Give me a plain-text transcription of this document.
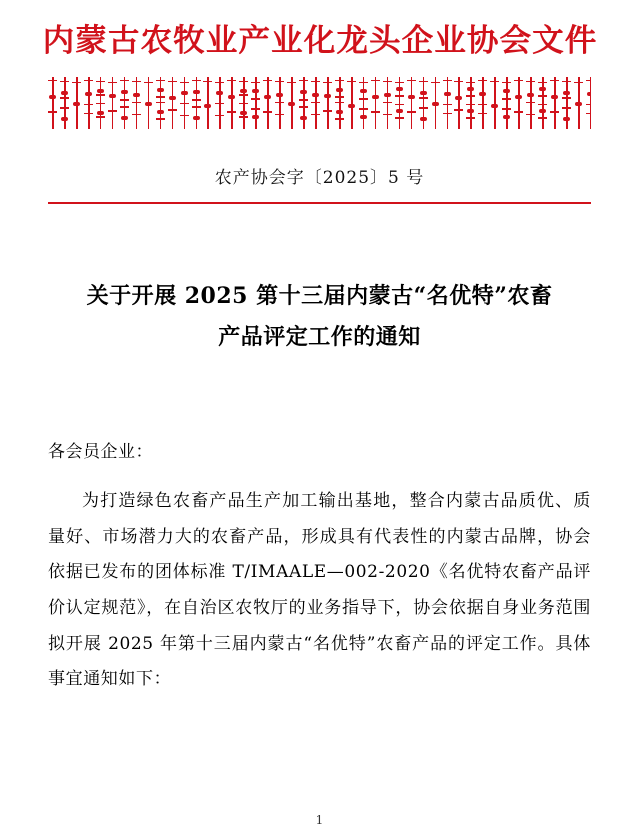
内蒙古农牧业产业化龙头企业协会文件
农产协会字〔2025〕5 号
关于开展 2025 第十三届内蒙古“名优特”农畜
产品评定工作的通知
各会员企业：
为打造绿色农畜产品生产加工输出基地，整合内蒙古品质优、质量好、市场潜力大的农畜产品，形成具有代表性的内蒙古品牌，协会依据已发布的团体标准 T/IMAALE—002-2020《名优特农畜产品评价认定规范》，在自治区农牧厅的业务指导下，协会依据自身业务范围拟开展 2025 年第十三届内蒙古“名优特”农畜产品的评定工作。具体事宜通知如下：
1
